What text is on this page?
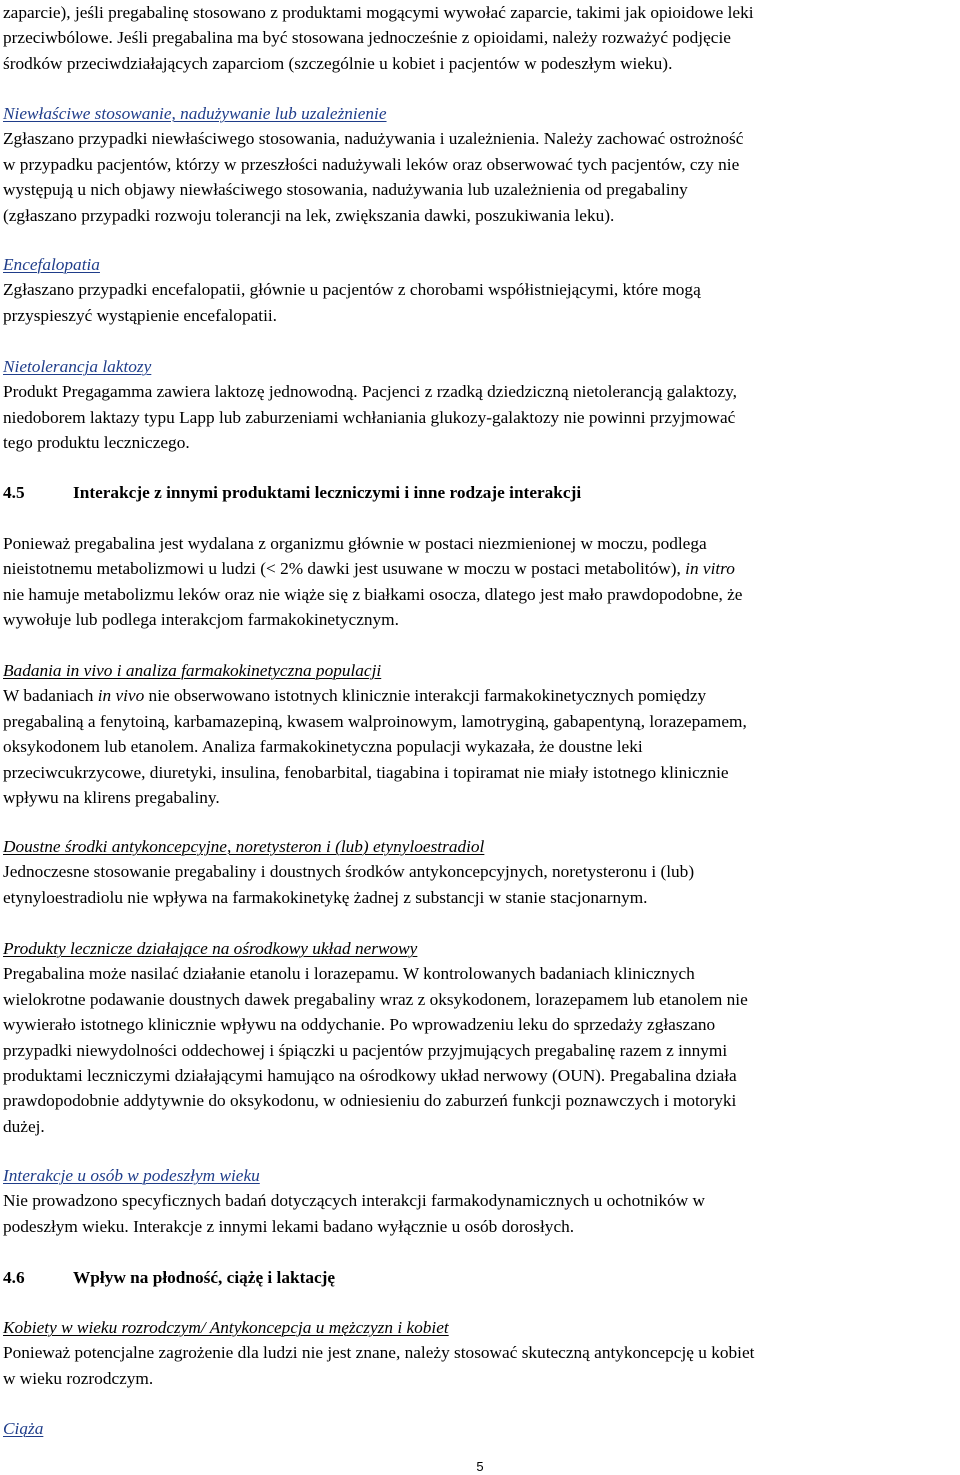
zaparcie), jeśli pregabalinę stosowano z produktami mogącymi wywołać zaparcie, takimi jak opioidowe leki
przeciwbólowe. Jeśli pregabalina ma być stosowana jednocześnie z opioidami, należy rozważyć podjęcie
środków przeciwdziałających zaparciom (szczególnie u kobiet i pacjentów w podeszłym wieku).
Niewłaściwe stosowanie, nadużywanie lub uzależnienie
Zgłaszano przypadki niewłaściwego stosowania, nadużywania i uzależnienia. Należy zachować ostrożność
w przypadku pacjentów, którzy w przeszłości nadużywali leków oraz obserwować tych pacjentów, czy nie
występują u nich objawy niewłaściwego stosowania, nadużywania lub uzależnienia od pregabaliny
(zgłaszano przypadki rozwoju tolerancji na lek, zwiększania dawki, poszukiwania leku).
Encefalopatia
Zgłaszano przypadki encefalopatii, głównie u pacjentów z chorobami współistniejącymi, które mogą
przyspieszyć wystąpienie encefalopatii.
Nietolerancja laktozy
Produkt Pregagamma zawiera laktozę jednowodną. Pacjenci z rzadką dziedziczną nietolerancją galaktozy,
niedoborem laktazy typu Lapp lub zaburzeniami wchłaniania glukozy-galaktozy nie powinni przyjmować
tego produktu leczniczego.
4.5	Interakcje z innymi produktami leczniczymi i inne rodzaje interakcji
Ponieważ pregabalina jest wydalana z organizmu głównie w postaci niezmienionej w moczu, podlega
nieistotnemu metabolizmowi u ludzi (< 2% dawki jest usuwane w moczu w postaci metabolitów), in vitro
nie hamuje metabolizmu leków oraz nie wiąże się z białkami osocza, dlatego jest mało prawdopodobne, że
wywołuje lub podlega interakcjom farmakokinetycznym.
Badania in vivo i analiza farmakokinetyczna populacji
W badaniach in vivo nie obserwowano istotnych klinicznie interakcji farmakokinetycznych pomiędzy
pregabaliną a fenytoiną, karbamazepiną, kwasem walproinowym, lamotryginą, gabapentyną, lorazepamem,
oksykodonem lub etanolem. Analiza farmakokinetyczna populacji wykazała, że doustne leki
przeciwcukrzycowe, diuretyki, insulina, fenobarbital, tiagabina i topiramat nie miały istotnego klinicznie
wpływu na klirens pregabaliny.
Doustne środki antykoncepcyjne, noretysteron i (lub) etynyloestradiol
Jednoczesne stosowanie pregabaliny i doustnych środków antykoncepcyjnych, noretysteronu i (lub)
etynyloestradiolu nie wpływa na farmakokinetykę żadnej z substancji w stanie stacjonarnym.
Produkty lecznicze działające na ośrodkowy układ nerwowy
Pregabalina może nasilać działanie etanolu i lorazepamu. W kontrolowanych badaniach klinicznych
wielokrotne podawanie doustnych dawek pregabaliny wraz z oksykodonem, lorazepamem lub etanolem nie
wywierało istotnego klinicznie wpływu na oddychanie. Po wprowadzeniu leku do sprzedaży zgłaszano
przypadki niewydolności oddechowej i śpiączki u pacjentów przyjmujących pregabalinę razem z innymi
produktami leczniczymi działającymi hamująco na ośrodkowy układ nerwowy (OUN). Pregabalina działa
prawdopodobnie addytywnie do oksykodonu, w odniesieniu do zaburzeń funkcji poznawczych i motoryki
dużej.
Interakcje u osób w podeszłym wieku
Nie prowadzono specyficznych badań dotyczących interakcji farmakodynamicznych u ochotników w
podeszłym wieku. Interakcje z innymi lekami badano wyłącznie u osób dorosłych.
4.6	Wpływ na płodność, ciążę i laktację
Kobiety w wieku rozrodczym/ Antykoncepcja u mężczyzn i kobiet
Ponieważ potencjalne zagrożenie dla ludzi nie jest znane, należy stosować skuteczną antykoncepcję u kobiet
w wieku rozrodczym.
Ciąża
5
